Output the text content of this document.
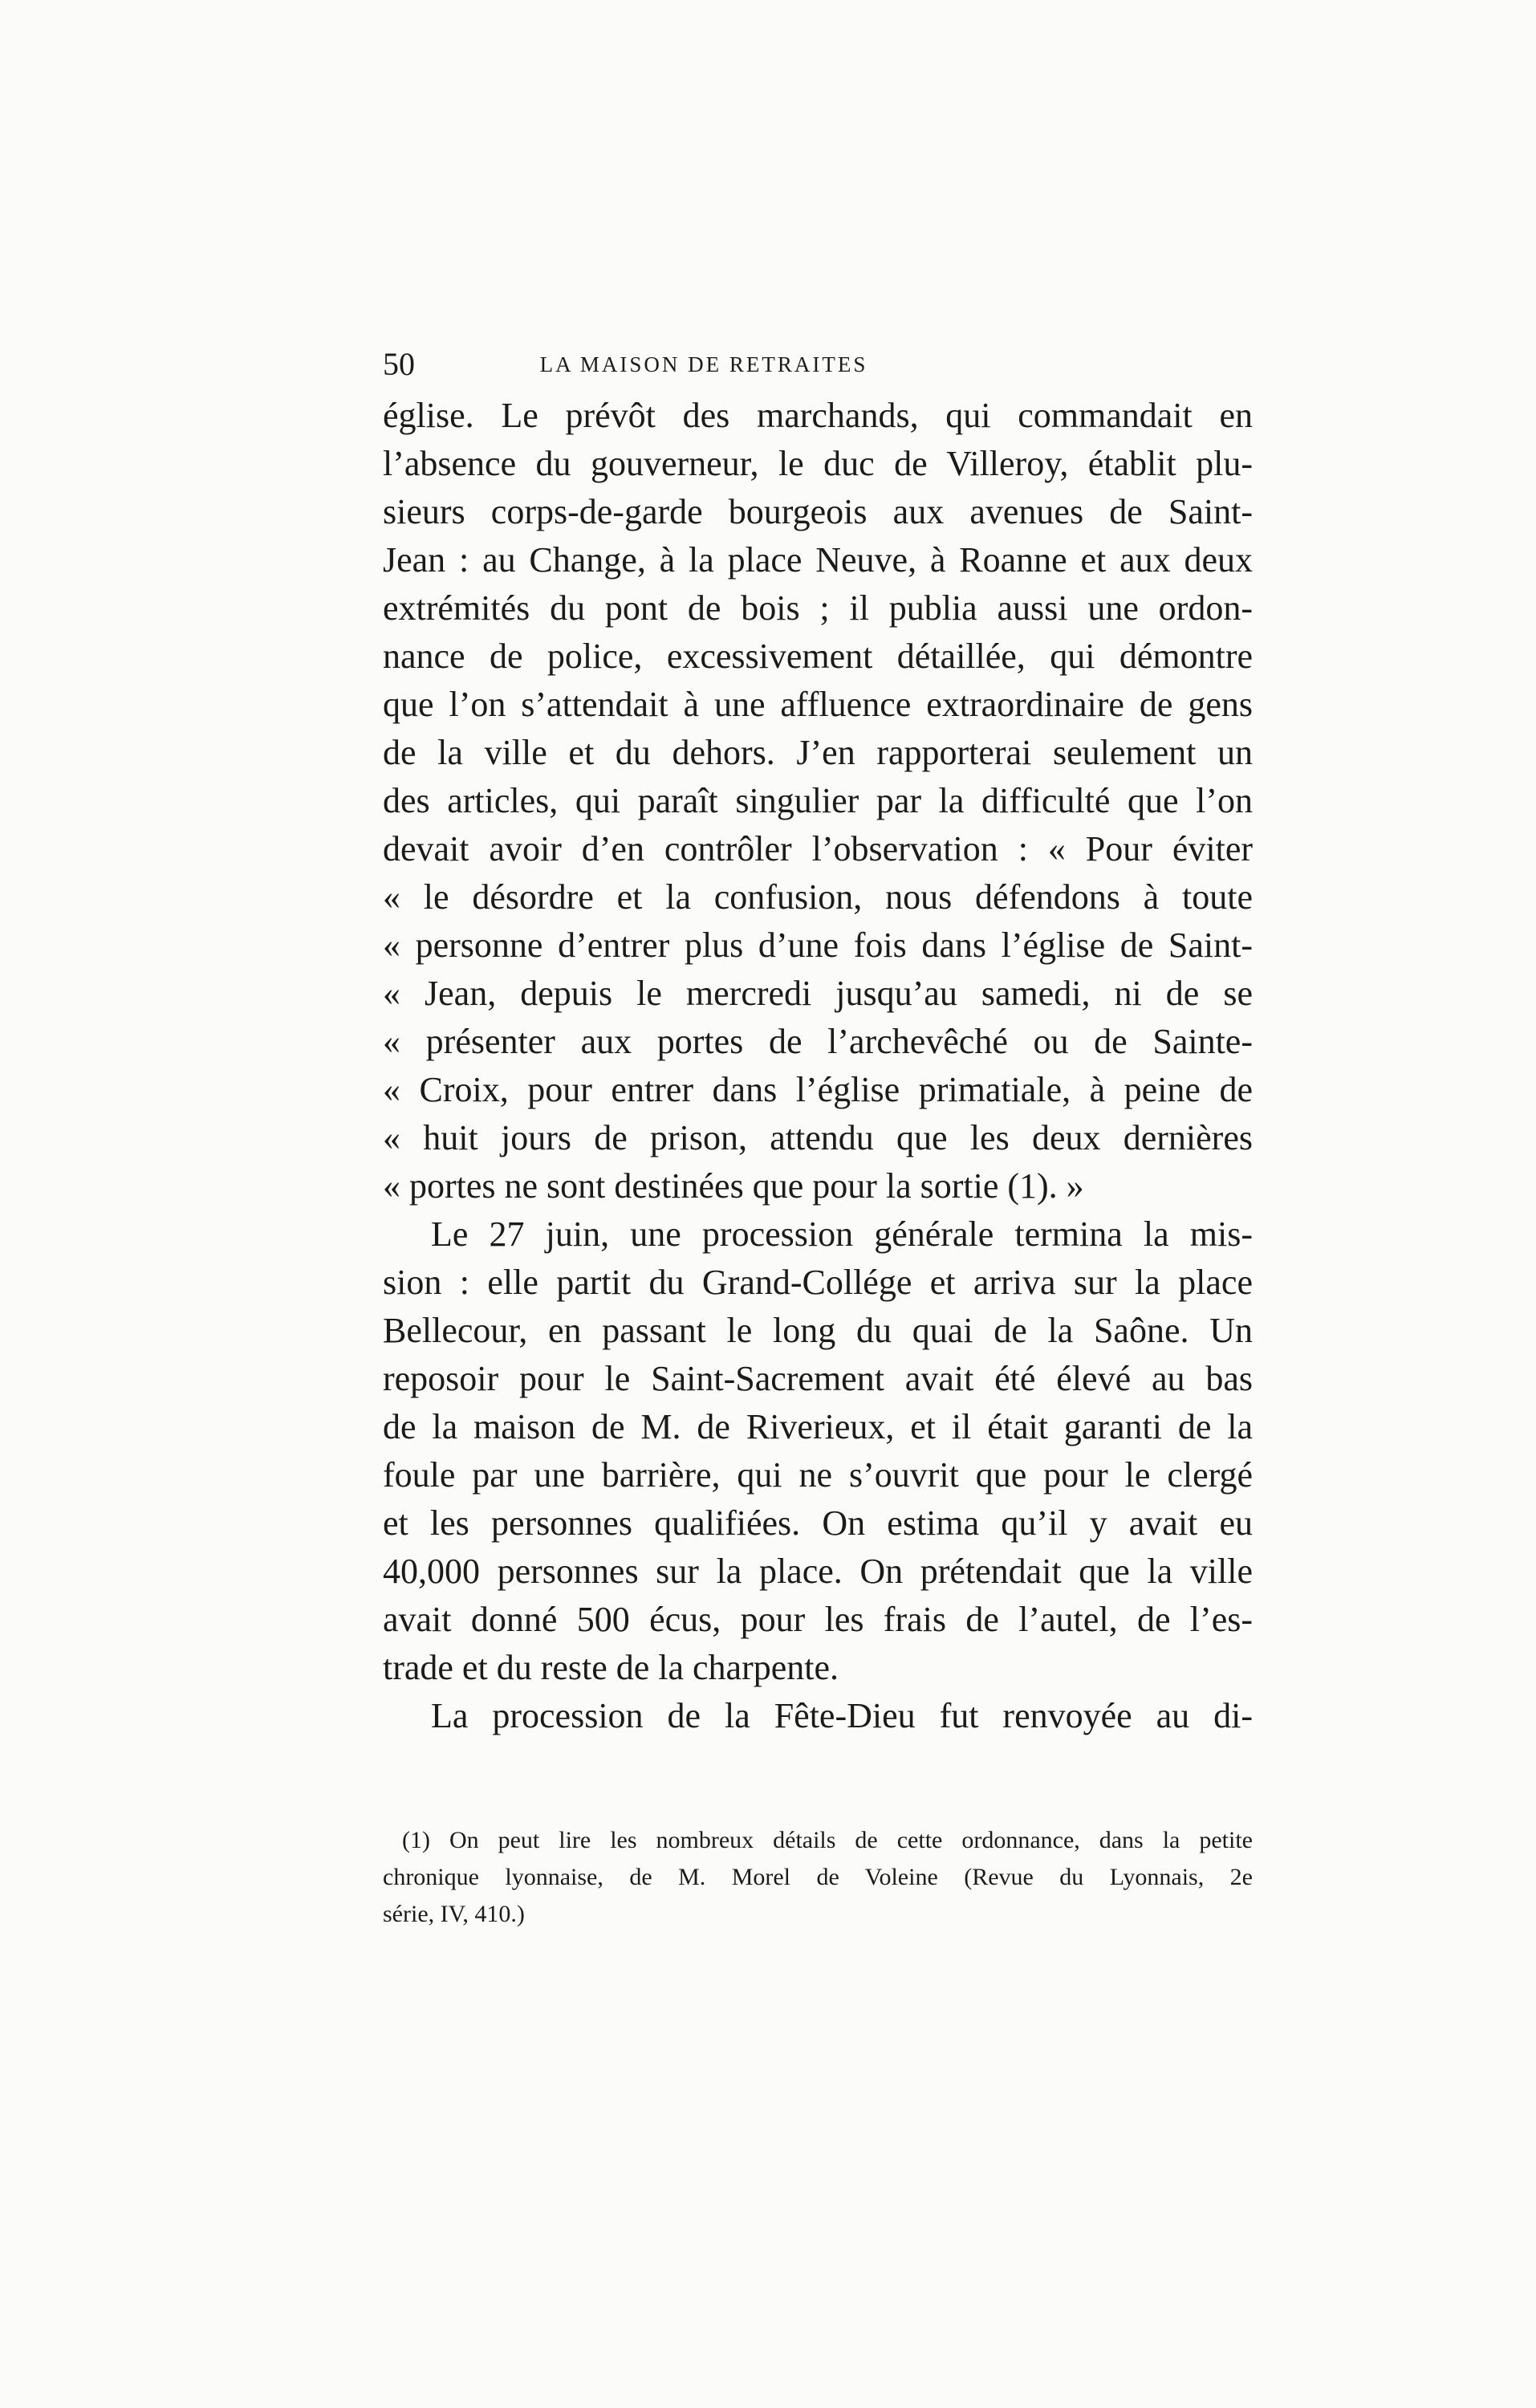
50	LA MAISON DE RETRAITES
église. Le prévôt des marchands, qui commandait en
l’absence du gouverneur, le duc de Villeroy, établit plu-
sieurs corps-de-garde bourgeois aux avenues de Saint-
Jean : au Change, à la place Neuve, à Roanne et aux deux
extrémités du pont de bois ; il publia aussi une ordon-
nance de police, excessivement détaillée, qui démontre
que l’on s’attendait à une affluence extraordinaire de gens
de la ville et du dehors. J’en rapporterai seulement un
des articles, qui paraît singulier par la difficulté que l’on
devait avoir d’en contrôler l’observation : « Pour éviter
« le désordre et la confusion, nous défendons à toute
« personne d’entrer plus d’une fois dans l’église de Saint-
« Jean, depuis le mercredi jusqu’au samedi, ni de se
« présenter aux portes de l’archevêché ou de Sainte-
« Croix, pour entrer dans l’église primatiale, à peine de
« huit jours de prison, attendu que les deux dernières
« portes ne sont destinées que pour la sortie (1). »
Le 27 juin, une procession générale termina la mis-
sion : elle partit du Grand-Collége et arriva sur la place
Bellecour, en passant le long du quai de la Saône. Un
reposoir pour le Saint-Sacrement avait été élevé au bas
de la maison de M. de Riverieux, et il était garanti de la
foule par une barrière, qui ne s’ouvrit que pour le clergé
et les personnes qualifiées. On estima qu’il y avait eu
40,000 personnes sur la place. On prétendait que la ville
avait donné 500 écus, pour les frais de l’autel, de l’es-
trade et du reste de la charpente.
La procession de la Fête-Dieu fut renvoyée au di-
(1) On peut lire les nombreux détails de cette ordonnance, dans la petite
chronique lyonnaise, de M. Morel de Voleine (Revue du Lyonnais, 2e
série, IV, 410.)
